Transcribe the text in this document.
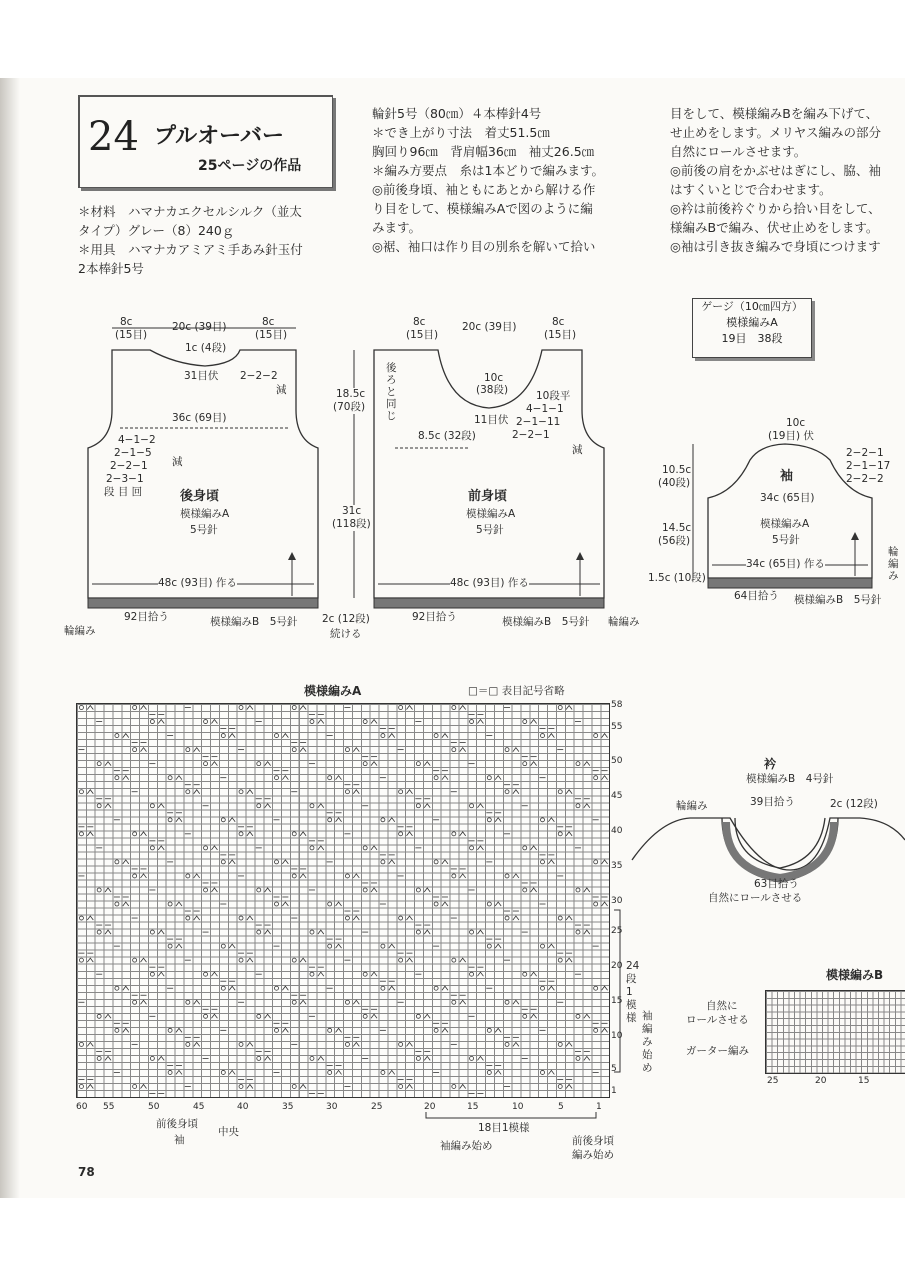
24 プルオーバー
25ページの作品
＊材料　ハマナカエクセルシルク（並太
タイプ）グレー（8）240ｇ
＊用具　ハマナカアミアミ手あみ針玉付
2本棒針5号
輪針5号（80㎝）４本棒針4号
＊でき上がり寸法　着丈51.5㎝
胸回り96㎝　背肩幅36㎝　袖丈26.5㎝
＊編み方要点　糸は1本どりで編みます。
◎前後身頃、袖ともにあとから解ける作
り目をして、模様編みAで図のように編
みます。
◎裾、袖口は作り目の別糸を解いて拾い
目をして、模様編みBを編み下げて、
せ止めをします。メリヤス編みの部分
自然にロールさせます。
◎前後の肩をかぶせはぎにし、脇、袖
はすくいとじで合わせます。
◎衿は前後衿ぐりから拾い目をして、
様編みBで編み、伏せ止めをします。
◎袖は引き抜き編みで身頃につけます
ゲージ（10㎝四方）
模様編みA
19目　38段
8c
(15目)
20c (39目)	8c
(15目)
1c (4段)
31目伏 2−2−2
減
36c (69目)
4−1−2
2−1−5
2−2−1
2−3−1
段 目 回
減
後身頃
模様編みA
5号針
48c (93目) 作る
92目拾う
輪編み
模様編みB　5号針
8c
(15目)
20c (39目)	8c
(15目)
10c
(38段)
11目伏
10段平
4−1−1
2−1−11
2−2−1
減
後ろと同じ
8.5c (32段)
18.5c
(70段)
31c
(118段)
前身頃
模様編みA
5号針
48c (93目) 作る
2c (12段)
続ける
92目拾う	模様編みB　5号針 輪編み
10c
(19目) 伏
2−2−1
2−1−17
2−2−2
10.5c
(40段)
14.5c
(56段)
袖
34c (65目)
模様編みA
5号針
34c (65目) 作る
1.5c (10段)
64目拾う 模様編みB　5号針
輪編み
模様編みA	□＝□ 表目記号省略
58
55
50
45
40
35
30
25
20
15
10
5
1
60 55	50	45	40	35	30	25	20	15	10	5	1
24段1模様 袖編み始め
18目1模様
袖編み始め	前後身頃 編み始め
前後身頃
袖
中央
衿
模様編みB　4号針
39目拾う	2c (12段)
輪編み
63目拾う
自然にロールさせる
模様編みB
自然に
ロールさせる
ガーター編み
25	20	15
78
